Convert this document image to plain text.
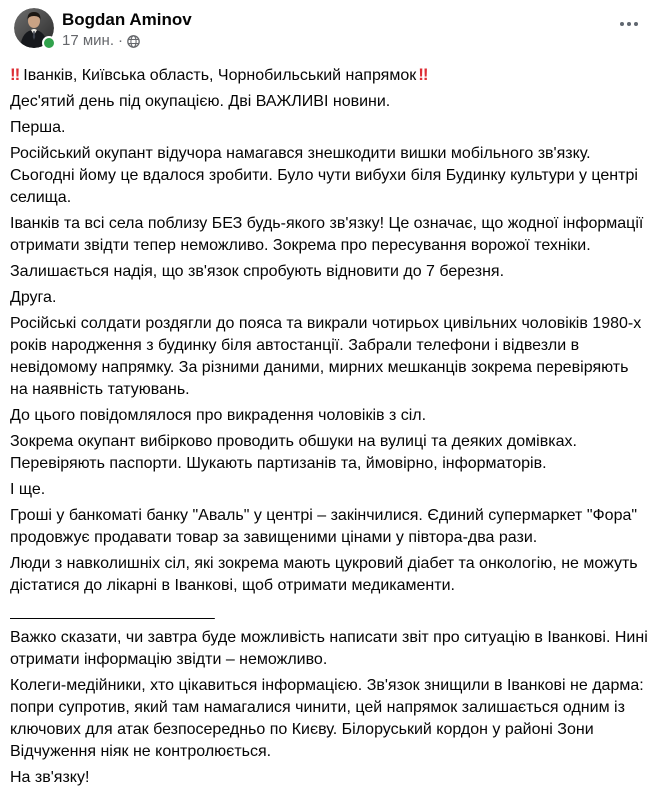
Bogdan Aminov
17 мин. ·

‼ Іванків, Київська область, Чорнобильський напрямок ‼

Дес'ятий день під окупацією. Дві ВАЖЛИВІ новини.

Перша.

Російський окупант відучора намагався знешкодити вишки мобільного зв'язку. Сьогодні йому це вдалося зробити. Було чути вибухи біля Будинку культури у центрі селища.

Іванків та всі села поблизу БЕЗ будь-якого зв'язку! Це означає, що жодної інформації отримати звідти тепер неможливо. Зокрема про пересування ворожої техніки.

Залишається надія, що зв'язок спробують відновити до 7 березня.

Друга.

Російські солдати роздягли до пояса та викрали чотирьох цивільних чоловіків 1980-х років народження з будинку біля автостанції. Забрали телефони і відвезли в невідомому напрямку. За різними даними, мирних мешканців зокрема перевіряють на наявність татуювань.

До цього повідомлялося про викрадення чоловіків з сіл.

Зокрема окупант вибірково проводить обшуки на вулиці та деяких домівках. Перевіряють паспорти. Шукають партизанів та, ймовірно, інформаторів.

І ще.

Гроші у банкоматі банку "Аваль" у центрі – закінчилися. Єдиний супермаркет "Фора" продовжує продавати товар за завищеними цінами у півтора-два рази.

Люди з навколишніх сіл, які зокрема мають цукровий діабет та онкологію, не можуть дістатися до лікарні в Іванкові, щоб отримати медикаменти.

_______________________

Важко сказати, чи завтра буде можливість написати звіт про ситуацію в Іванкові. Нині отримати інформацію звідти – неможливо.

Колеги-медійники, хто цікавиться інформацією. Зв'язок знищили в Іванкові не дарма: попри супротив, який там намагалися чинити, цей напрямок залишається одним із ключових для атак безпосередньо по Києву. Білоруський кордон у районі Зони Відчуження ніяк не контролюється.

На зв'язку!
